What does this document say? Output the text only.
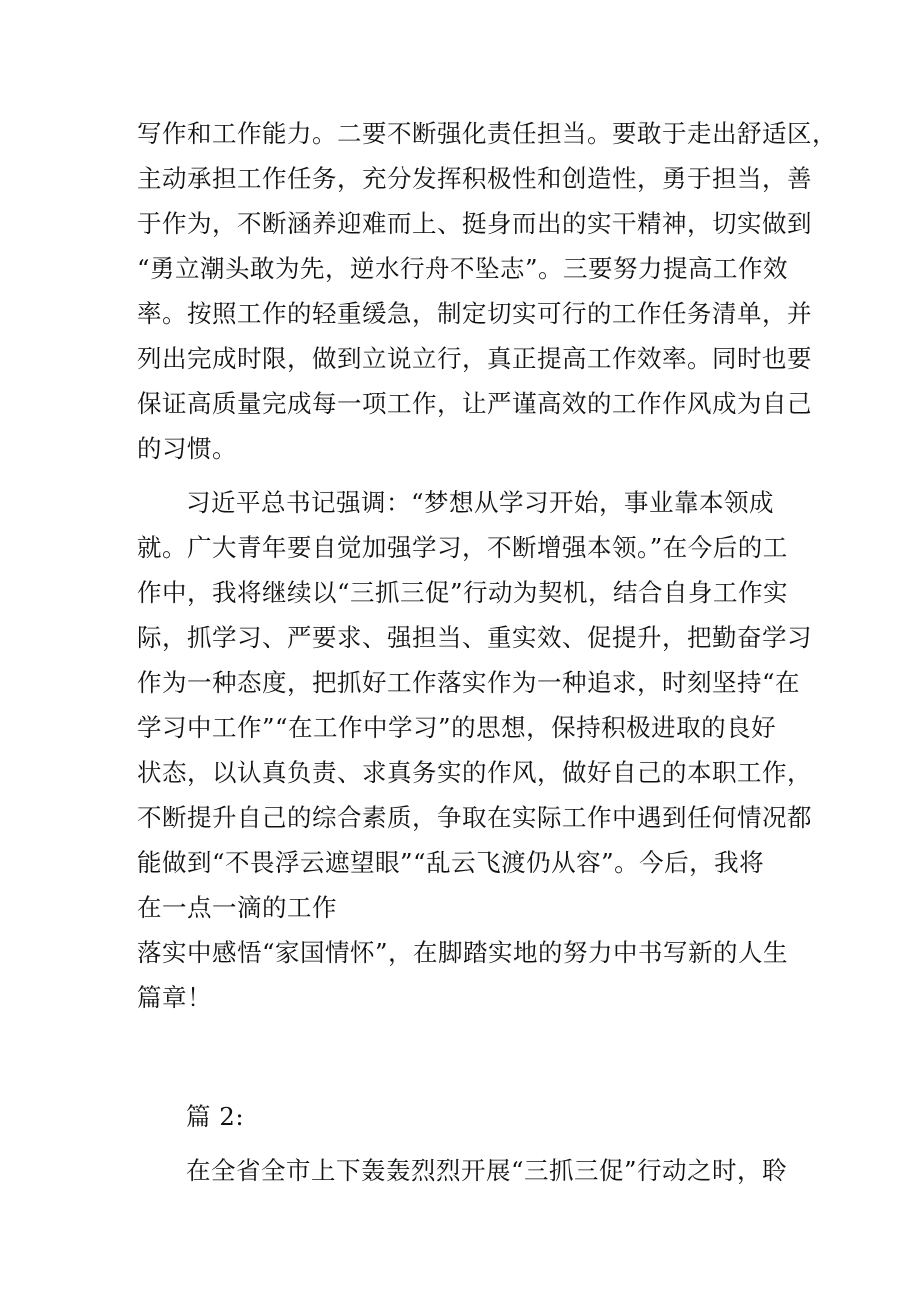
写作和工作能力。二要不断强化责任担当。要敢于走出舒适区，
主动承担工作任务，充分发挥积极性和创造性，勇于担当，善
于作为，不断涵养迎难而上、挺身而出的实干精神，切实做到
“勇立潮头敢为先，逆水行舟不坠志”。三要努力提高工作效
率。按照工作的轻重缓急，制定切实可行的工作任务清单，并
列出完成时限，做到立说立行，真正提高工作效率。同时也要
保证高质量完成每一项工作，让严谨高效的工作作风成为自己
的习惯。
习近平总书记强调：“梦想从学习开始，事业靠本领成
就。广大青年要自觉加强学习，不断增强本领。”在今后的工
作中，我将继续以“三抓三促”行动为契机，结合自身工作实
际，抓学习、严要求、强担当、重实效、促提升，把勤奋学习
作为一种态度，把抓好工作落实作为一种追求，时刻坚持“在
学习中工作”“在工作中学习”的思想，保持积极进取的良好
状态，以认真负责、求真务实的作风，做好自己的本职工作，
不断提升自己的综合素质，争取在实际工作中遇到任何情况都
能做到“不畏浮云遮望眼”“乱云飞渡仍从容”。今后，我将
在一点一滴的工作
落实中感悟“家国情怀”，在脚踏实地的努力中书写新的人生
篇章！
篇 2:
在全省全市上下轰轰烈烈开展“三抓三促”行动之时，聆
